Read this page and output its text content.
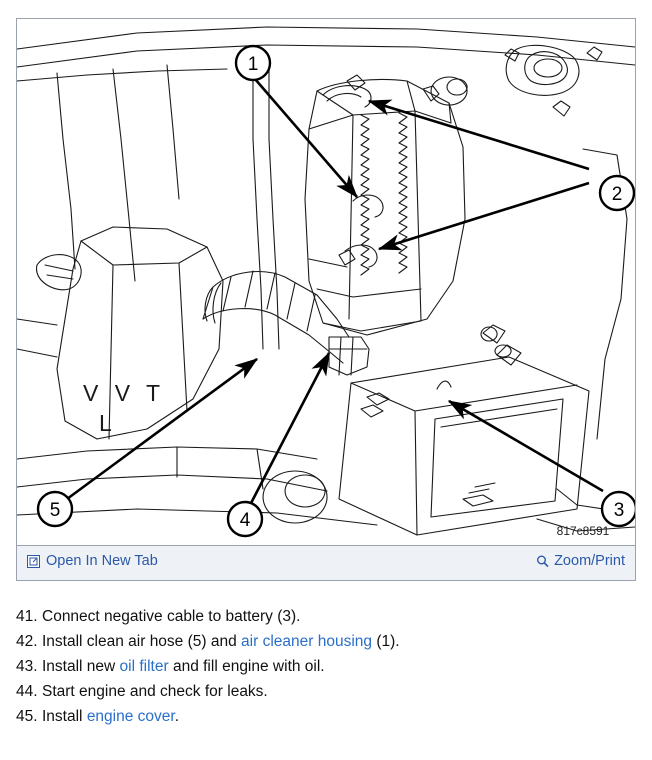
V V T
L
1
2
3
4
5
817c8591
Open In New Tab	Zoom/Print
41. Connect negative cable to battery (3).
42. Install clean air hose (5) and air cleaner housing (1).
43. Install new oil filter and fill engine with oil.
44. Start engine and check for leaks.
45. Install engine cover.
